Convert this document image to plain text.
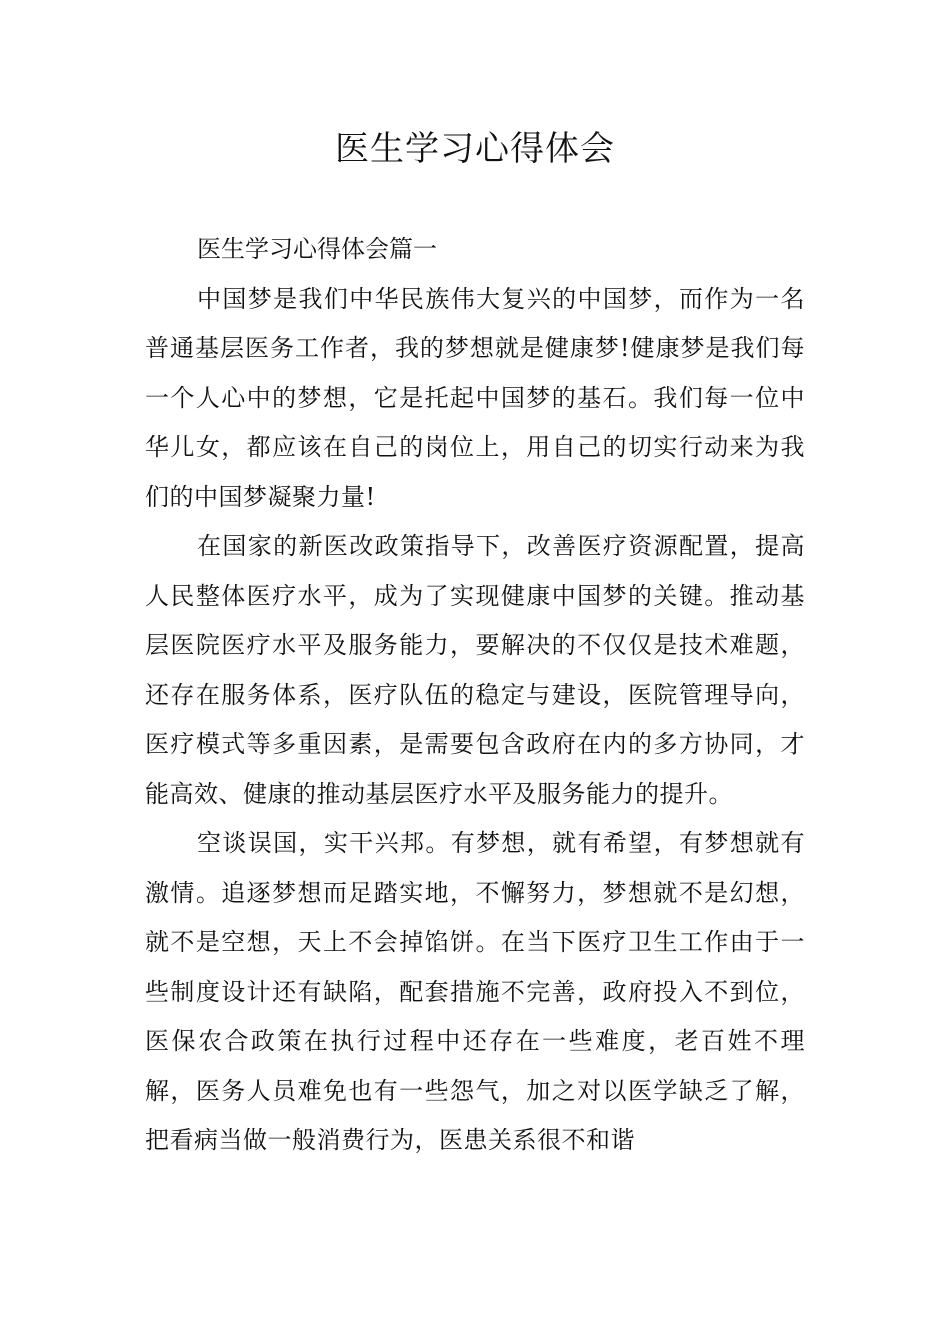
医生学习心得体会

医生学习心得体会篇一

中国梦是我们中华民族伟大复兴的中国梦，而作为一名普通基层医务工作者，我的梦想就是健康梦!健康梦是我们每一个人心中的梦想，它是托起中国梦的基石。我们每一位中华儿女，都应该在自己的岗位上，用自己的切实行动来为我们的中国梦凝聚力量!

在国家的新医改政策指导下，改善医疗资源配置，提高人民整体医疗水平，成为了实现健康中国梦的关键。推动基层医院医疗水平及服务能力，要解决的不仅仅是技术难题，还存在服务体系，医疗队伍的稳定与建设，医院管理导向，医疗模式等多重因素，是需要包含政府在内的多方协同，才能高效、健康的推动基层医疗水平及服务能力的提升。

空谈误国，实干兴邦。有梦想，就有希望，有梦想就有激情。追逐梦想而足踏实地，不懈努力，梦想就不是幻想，就不是空想，天上不会掉馅饼。在当下医疗卫生工作由于一些制度设计还有缺陷，配套措施不完善，政府投入不到位，医保农合政策在执行过程中还存在一些难度，老百姓不理解，医务人员难免也有一些怨气，加之对以医学缺乏了解，把看病当做一般消费行为，医患关系很不和谐
